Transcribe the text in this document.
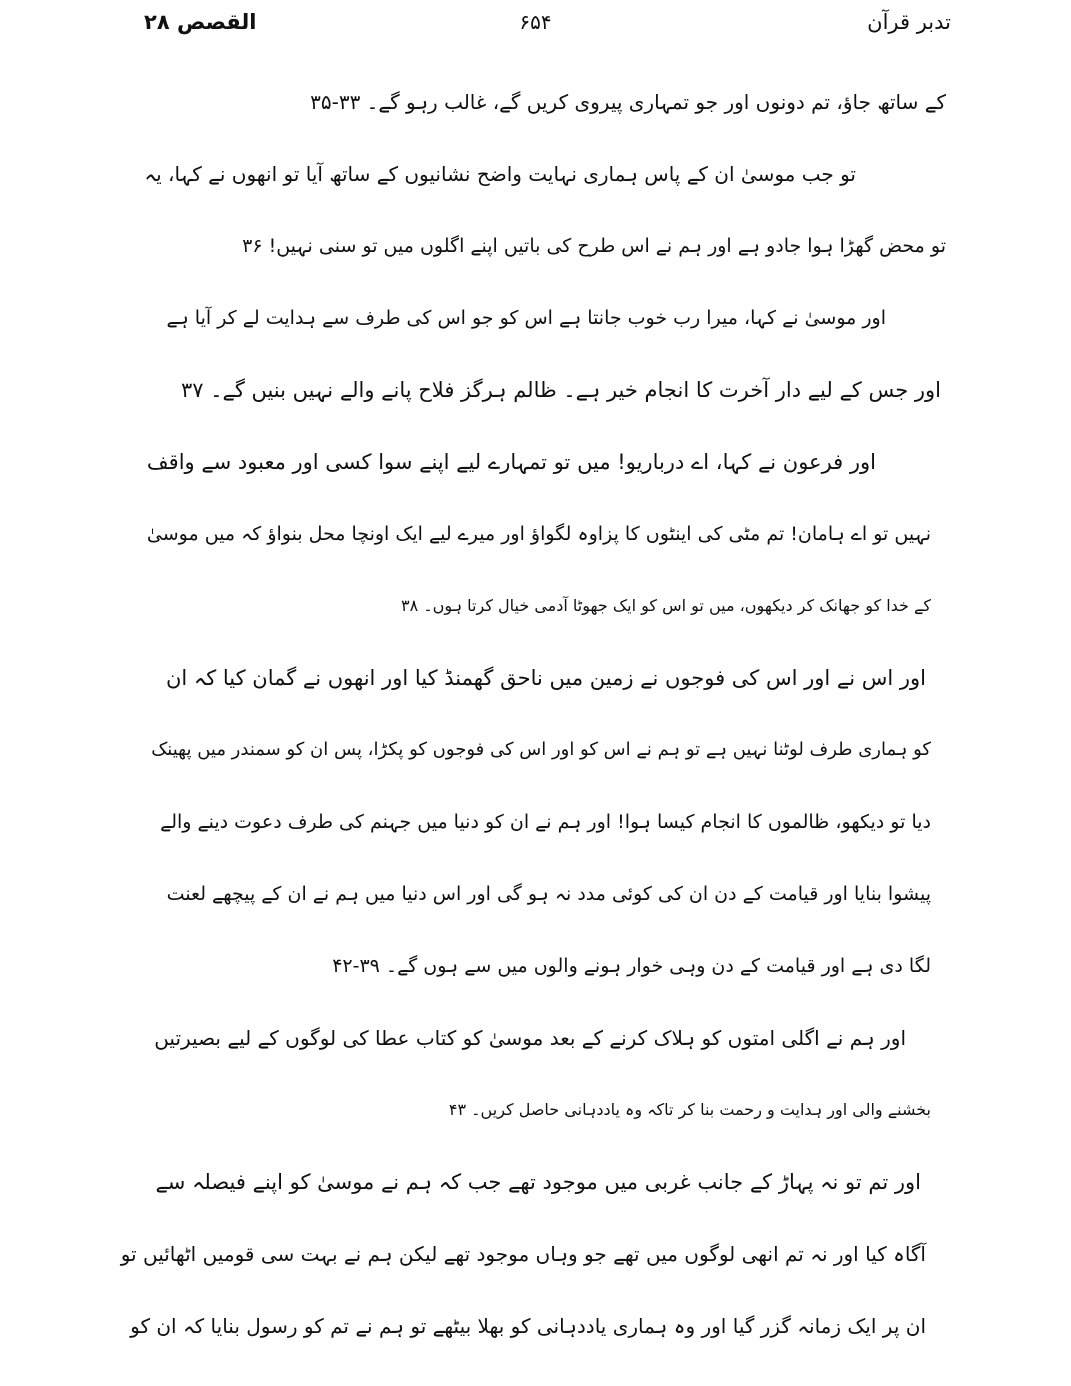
تدبر قرآن
۶۵۴
القصص ۲۸
کے ساتھ جاؤ، تم دونوں اور جو تمہاری پیروی کریں گے، غالب رہو گے۔ ۳۳-۳۵
تو جب موسیٰ ان کے پاس ہماری نہایت واضح نشانیوں کے ساتھ آیا تو انھوں نے کہا، یہ
تو محض گھڑا ہوا جادو ہے اور ہم نے اس طرح کی باتیں اپنے اگلوں میں تو سنی نہیں! ۳۶
اور موسیٰ نے کہا، میرا رب خوب جانتا ہے اس کو جو اس کی طرف سے ہدایت لے کر آیا ہے
اور جس کے لیے دار آخرت کا انجام خیر ہے۔ ظالم ہرگز فلاح پانے والے نہیں بنیں گے۔ ۳۷
اور فرعون نے کہا، اے درباریو! میں تو تمہارے لیے اپنے سوا کسی اور معبود سے واقف
نہیں تو اے ہامان! تم مٹی کی اینٹوں کا پزاوہ لگواؤ اور میرے لیے ایک اونچا محل بنواؤ کہ میں موسیٰ
کے خدا کو جھانک کر دیکھوں، میں تو اس کو ایک جھوٹا آدمی خیال کرتا ہوں۔ ۳۸
اور اس نے اور اس کی فوجوں نے زمین میں ناحق گھمنڈ کیا اور انھوں نے گمان کیا کہ ان
کو ہماری طرف لوٹنا نہیں ہے تو ہم نے اس کو اور اس کی فوجوں کو پکڑا، پس ان کو سمندر میں پھینک
دیا تو دیکھو، ظالموں کا انجام کیسا ہوا! اور ہم نے ان کو دنیا میں جہنم کی طرف دعوت دینے والے
پیشوا بنایا اور قیامت کے دن ان کی کوئی مدد نہ ہو گی اور اس دنیا میں ہم نے ان کے پیچھے لعنت
لگا دی ہے اور قیامت کے دن وہی خوار ہونے والوں میں سے ہوں گے۔ ۳۹-۴۲
اور ہم نے اگلی امتوں کو ہلاک کرنے کے بعد موسیٰ کو کتاب عطا کی لوگوں کے لیے بصیرتیں
بخشنے والی اور ہدایت و رحمت بنا کر تاکہ وہ یاددہانی حاصل کریں۔ ۴۳
اور تم تو نہ پہاڑ کے جانب غربی میں موجود تھے جب کہ ہم نے موسیٰ کو اپنے فیصلہ سے
آگاہ کیا اور نہ تم انھی لوگوں میں تھے جو وہاں موجود تھے لیکن ہم نے بہت سی قومیں اٹھائیں تو
ان پر ایک زمانہ گزر گیا اور وہ ہماری یاددہانی کو بھلا بیٹھے تو ہم نے تم کو رسول بنایا کہ ان کو
